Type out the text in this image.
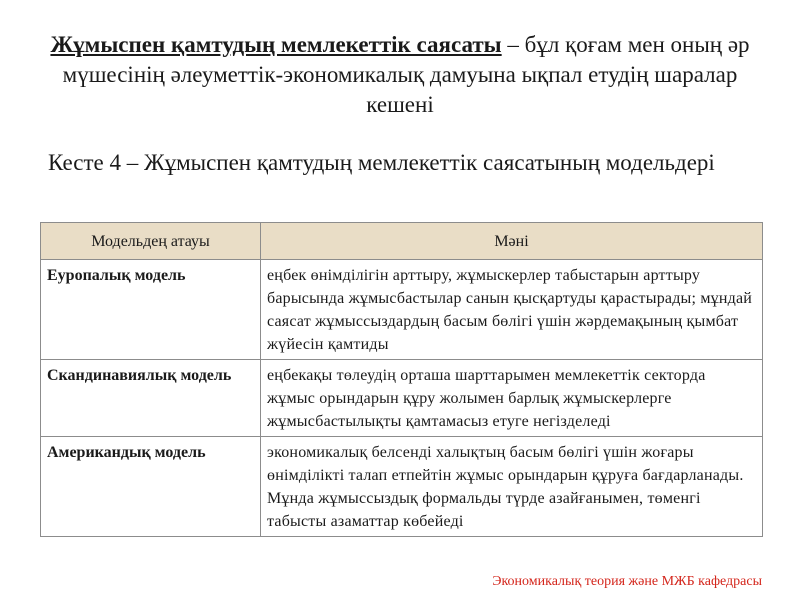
Жұмыспен қамтудың мемлекеттік саясаты – бұл қоғам мен оның әр мүшесінің әлеуметтік-экономикалық дамуына ықпал етудің шаралар кешені
Кесте 4 – Жұмыспен қамтудың мемлекеттік саясатының модельдері
Модельдең атауы	Мәні
Еуропалық модель	еңбек өнімділігін арттыру, жұмыскерлер табыстарын арттыру барысында жұмысбастылар санын қысқартуды қарастырады; мұндай саясат жұмыссыздардың басым бөлігі үшін жәрдемақының қымбат жүйесін қамтиды
Скандинавиялық модель	еңбекақы төлеудің орташа шарттарымен мемлекеттік секторда жұмыс орындарын құру жолымен барлық жұмыскерлерге жұмысбастылықты қамтамасыз етуге негізделеді
Американдық модель	экономикалық белсенді халықтың басым бөлігі үшін жоғары өнімділікті талап етпейтін жұмыс орындарын құруға бағдарланады. Мұнда жұмыссыздық формальды түрде азайғанымен, төменгі табысты азаматтар көбейеді
Экономикалық теория және МЖБ кафедрасы
